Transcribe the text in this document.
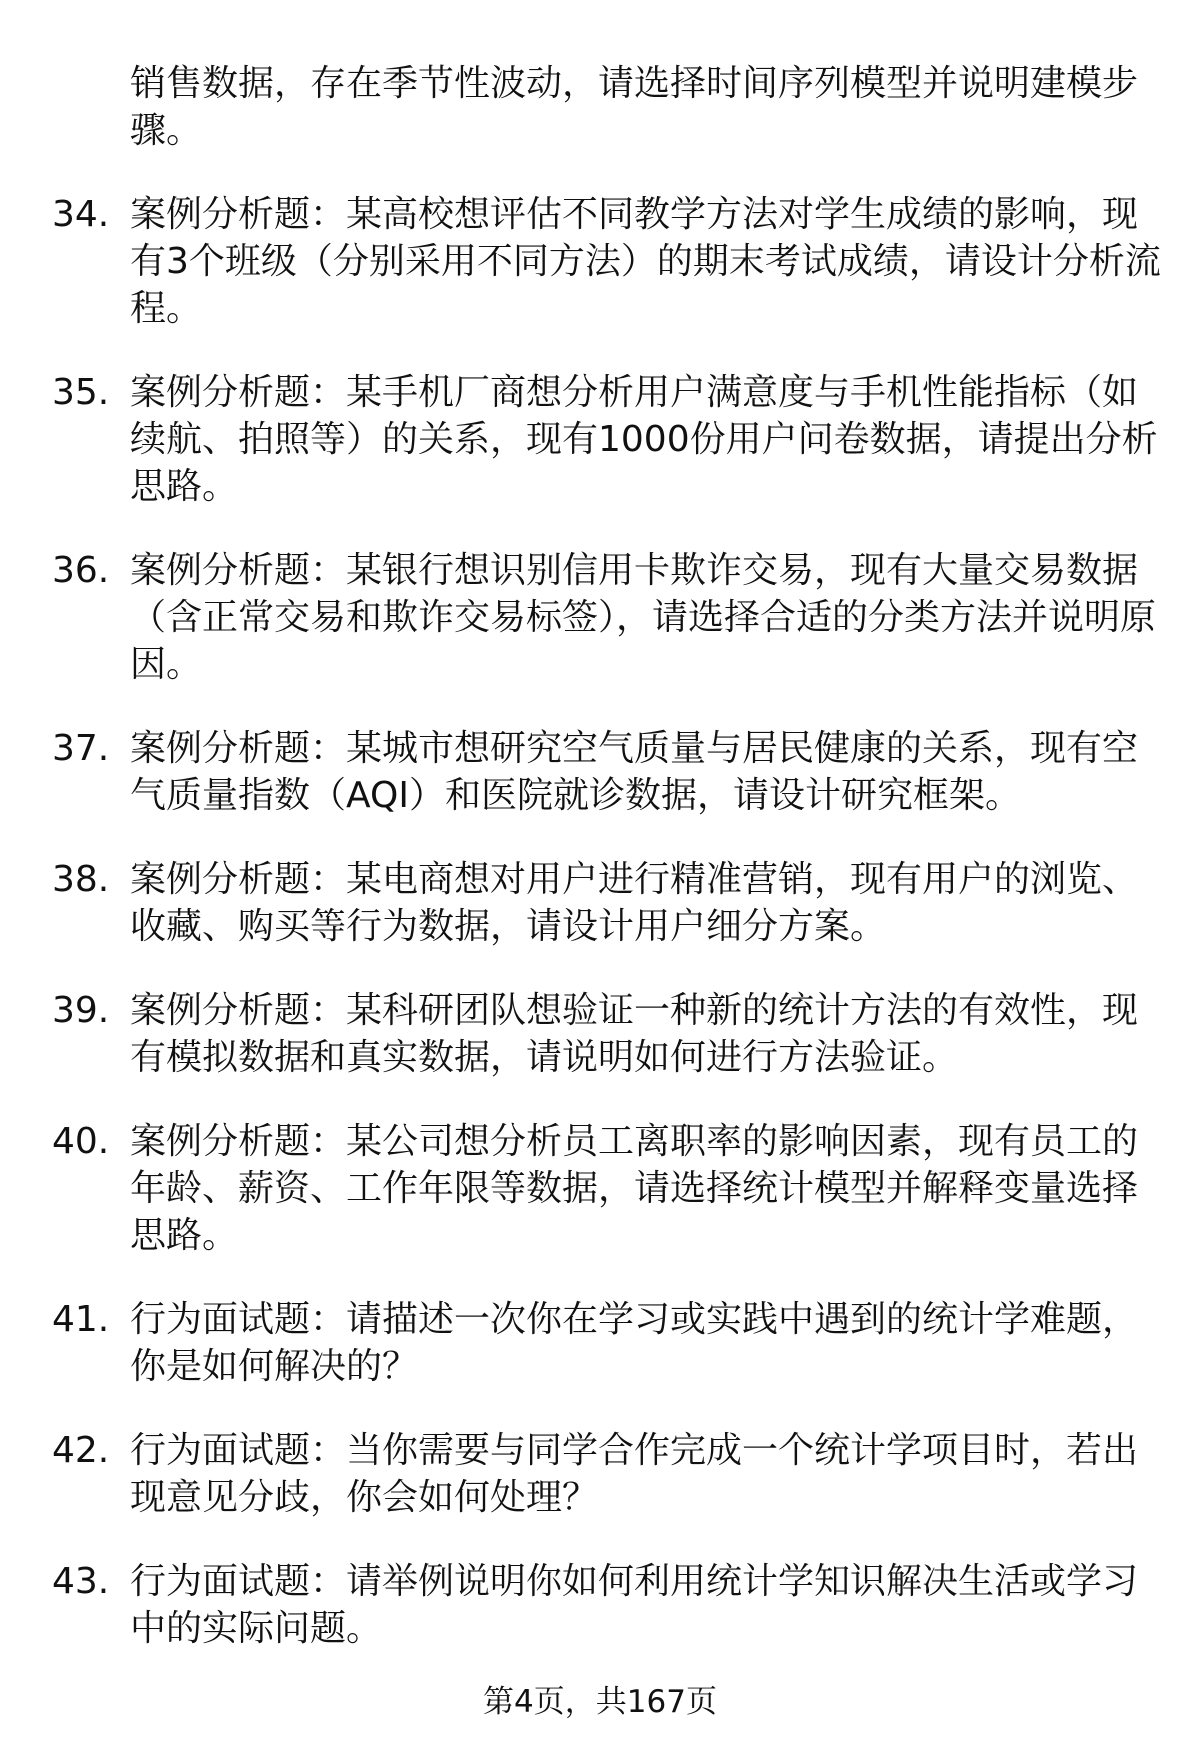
销售数据，存在季节性波动，请选择时间序列模型并说明建模步骤。
34. 案例分析题：某高校想评估不同教学方法对学生成绩的影响，现有3个班级（分别采用不同方法）的期末考试成绩，请设计分析流程。
35. 案例分析题：某手机厂商想分析用户满意度与手机性能指标（如续航、拍照等）的关系，现有1000份用户问卷数据，请提出分析思路。
36. 案例分析题：某银行想识别信用卡欺诈交易，现有大量交易数据（含正常交易和欺诈交易标签），请选择合适的分类方法并说明原因。
37. 案例分析题：某城市想研究空气质量与居民健康的关系，现有空气质量指数（AQI）和医院就诊数据，请设计研究框架。
38. 案例分析题：某电商想对用户进行精准营销，现有用户的浏览、收藏、购买等行为数据，请设计用户细分方案。
39. 案例分析题：某科研团队想验证一种新的统计方法的有效性，现有模拟数据和真实数据，请说明如何进行方法验证。
40. 案例分析题：某公司想分析员工离职率的影响因素，现有员工的年龄、薪资、工作年限等数据，请选择统计模型并解释变量选择思路。
41. 行为面试题：请描述一次你在学习或实践中遇到的统计学难题，你是如何解决的？
42. 行为面试题：当你需要与同学合作完成一个统计学项目时，若出现意见分歧，你会如何处理？
43. 行为面试题：请举例说明你如何利用统计学知识解决生活或学习中的实际问题。
第4页，共167页
